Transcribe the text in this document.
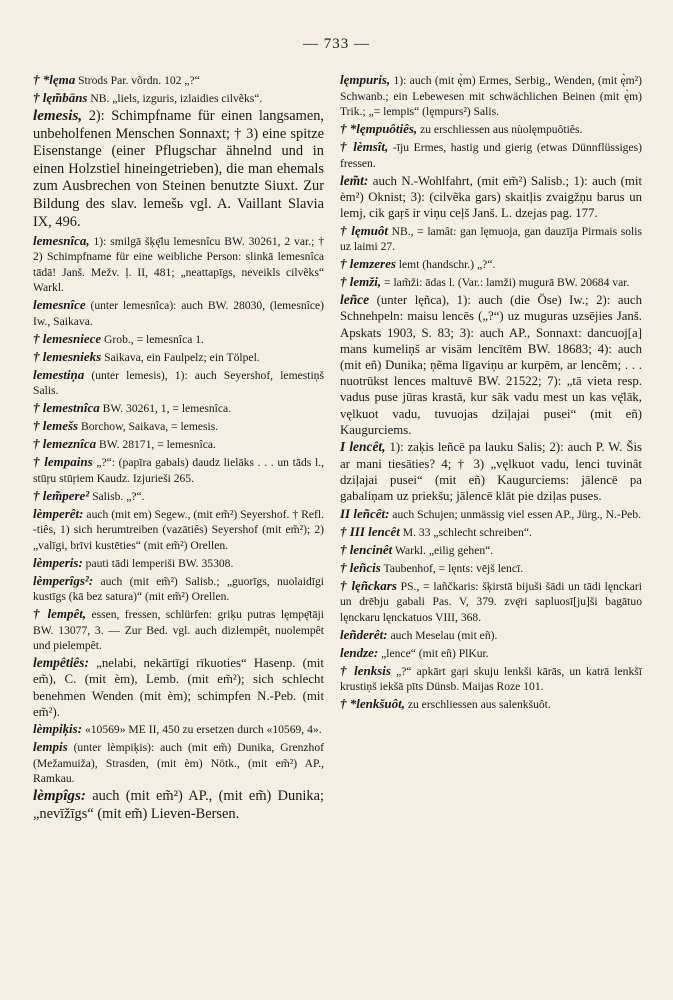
— 733 —
† *lęma Strods Par. võrdn. 102 „?“
† lęm̃bāns NB. „liels, izguris, izlaidies cilvẽks“.
lemesis, 2): Schimpfname für einen langsamen, unbeholfenen Menschen Sonnaxt; † 3) eine spitze Eisenstange (einer Pflugschar ähnelnd und in einen Holzstiel hineingetrieben), die man ehemals zum Ausbrechen von Steinen benutzte Siuxt. Zur Bildung des slav. lemešь vgl. A. Vaillant Slavia IX, 496.
lemesnîca, 1): smilgā šķę̄lu lemesnîcu BW. 30261, 2 var.; † 2) Schimpfname für eine weibliche Person: slinkā lemesnîca tādā! Janš. Mežv. ļ. II, 481; „neattapīgs, neveikls cilvẽks“ Warkl.
lemesnîce (unter lemesnîca): auch BW. 28030, (lemesnîce) Iw., Saikava.
† lemesniece Grob., = lemesnîca 1.
† lemesnieks Saikava, ein Faulpelz; ein Tölpel.
lemestiņa (unter lemesis), 1): auch Seyershof, lemestiņš Salis.
† lemestnîca BW. 30261, 1, = lemesnîca.
† lemešs Borchow, Saikava, = lemesis.
† lemeznîca BW. 28171, = lemesnîca.
† lempains „?“: (papīra gabals) daudz lielāks . . . un tāds l., stūŗu stūŗiem Kaudz. Izjurieši 265.
† lem̃pere² Salisb. „?“.
lèmperêt: auch (mit em) Segew., (mit em̃²) Seyershof. † Refl. -tiês, 1) sich herumtreiben (vazātiês) Seyershof (mit em̃²); 2) „valīgi, brīvi kustēties“ (mit em̃²) Orellen.
lèmperis: pauti tādi lemperiši BW. 35308.
lèmperîgs²: auch (mit em̃²) Salisb.; „guorīgs, nuolaidīgi kustīgs (kā bez satura)“ (mit em̃²) Orellen.
† lempêt, essen, fressen, schlürfen: griķu putras lęmpę̄tāji BW. 13077, 3. — Zur Bed. vgl. auch dizlempêt, nuolempêt und pielempêt.
lempêtiês: „nelabi, nekārtīgi rīkuoties“ Hasenp. (mit em̃), C. (mit èm), Lemb. (mit em̃²); sich schlecht benehmen Wenden (mit èm); schimpfen N.-Peb. (mit em̃²).
lèmpiķis: «10569» ME II, 450 zu ersetzen durch «10569, 4».
lempis (unter lèmpiķis): auch (mit em̃) Dunika, Grenzhof (Mežamuiža), Strasden, (mit èm) Nötk., (mit em̃²) AP., Ramkau.
lèmpîgs: auch (mit em̃²) AP., (mit em̃) Dunika; „nevīžīgs“ (mit em̃) Lieven-Bersen.
lęmpuris, 1): auch (mit ę̀m) Ermes, Serbig., Wenden, (mit ę̀m²) Schwanb.; ein Lebewesen mit schwächlichen Beinen (mit ę̀m) Trik.; „= lempis“ (lęmpurs²) Salis.
† *lęmpuôtiês, zu erschliessen aus nùolęmpuôtiês.
† lèmsît, -īju Ermes, hastig und gierig (etwas Dünnflüssiges) fressen.
lem̃t: auch N.-Wohlfahrt, (mit em̃²) Salisb.; 1): auch (mit èm²) Oknist; 3): (cilvẽka gars) skaitļis zvaigžņu barus un lemj, cik gaŗš ir viņu ceļš Janš. L. dzejas pag. 177.
† lęmuôt NB., = lamât: gan lęmuoja, gan dauzīja Pirmais solis uz laimi 27.
† lemzeres lemt (handschr.) „?“.
† lemži, = lam̃ži: ādas l. (Var.: lamži) mugurā BW. 20684 var.
leñce (unter lęñca), 1): auch (die Öse) Iw.; 2): auch Schnehpeln: maisu lencēs („?“) uz muguras uzsējies Janš. Apskats 1903, S. 83; 3): auch AP., Sonnaxt: dancuoj[a] mans kumeliņš ar visām lencītēm BW. 18683; 4): auch (mit eñ) Dunika; ņẽma līgaviņu ar kurpēm, ar lencẽm; . . . nuotrūkst lences maltuvē BW. 21522; 7): „tā vieta resp. vadus puse jūras krastā, kur sāk vadu mest un kas vę̄lāk, vęlkuot vadu, tuvuojas dziļajai pusei“ (mit eñ) Kaugurciems.
I lencêt, 1): zaķis leñcē pa lauku Salis; 2): auch P. W. Šis ar mani tiesāties? 4; † 3) „vęlkuot vadu, lenci tuvinât dziļajai pusei“ (mit eñ) Kaugurciems: jālencē pa gabaliņam uz priekšu; jālencē klāt pie dziļas puses.
II leñcêt: auch Schujen; unmässig viel essen AP., Jürg., N.-Peb.
† III lencêt M. 33 „schlecht schreiben“.
† lencinêt Warkl. „eilig gehen“.
† leñcis Taubenhof, = lęnts: vējš lencī.
† lęñckars PS., = lañčkaris: šķirstā bijuši šādi un tādi lęnckari un drēbju gabali Pas. V, 379. zvę̄ri sapluosī[ju]ši bagātuo lęnckaru lęnckatuos VIII, 368.
leñderêt: auch Meselau (mit eñ).
lendze: „lence“ (mit eñ) PlKur.
† lenksis „?“ apkārt gaŗi skuju lenkši kārās, un katrā lenkšī krustiņš iekšā pīts Dünsb. Maijas Roze 101.
† *lenkšuôt, zu erschliessen aus salenkšuôt.
